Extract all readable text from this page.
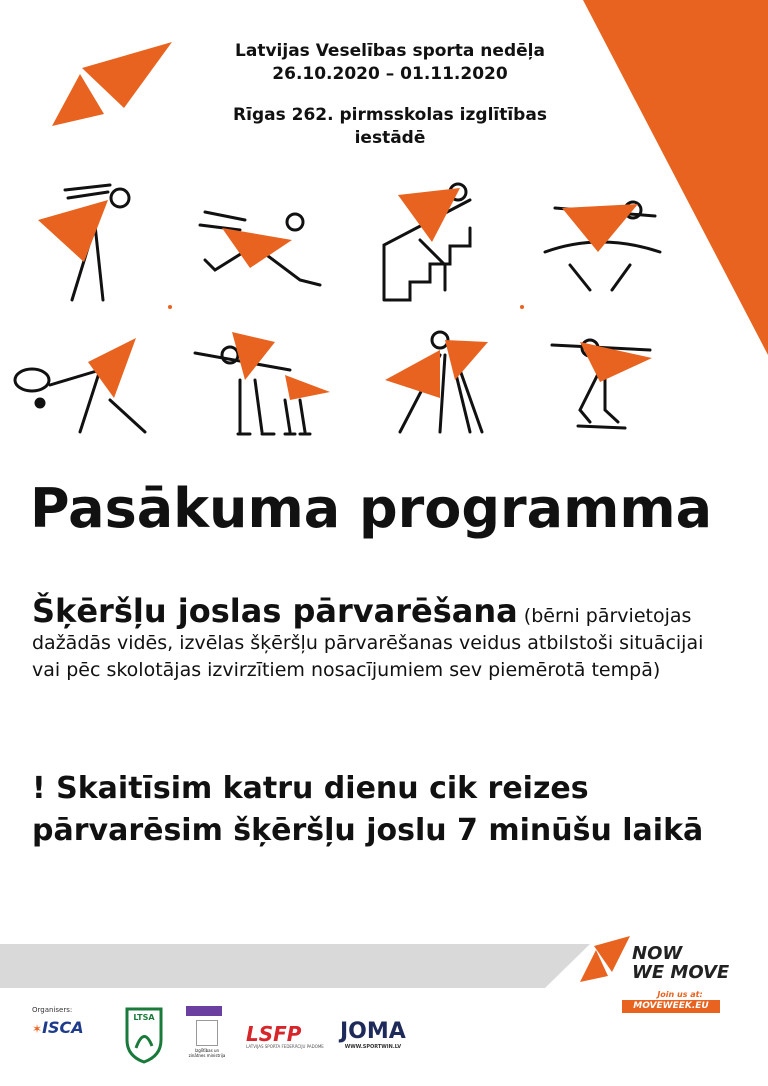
Latvijas Veselības sporta nedēļa
26.10.2020 – 01.11.2020
Rīgas 262. pirmsskolas izglītības iestādē
Pasākuma programma
Šķēršļu joslas pārvarēšana (bērni pārvietojas dažādās vidēs, izvēlas šķēršļu pārvarēšanas veidus atbilstoši situācijai vai pēc skolotājas izvirzītiem nosacījumiem sev piemērotā tempā)
! Skaitīsim katru dienu cik reizes
pārvarēsim šķēršļu joslu 7 minūšu laikā
NOW
WE MOVE
Join us at:
MOVEWEEK.EU
Organisers:
✶ISCA
LTSA
Izglītības un zinātnes ministrija
LSFP
LATVIJAS SPORTA FEDERĀCIJU PADOME
JOMA
WWW.SPORTWIN.LV
